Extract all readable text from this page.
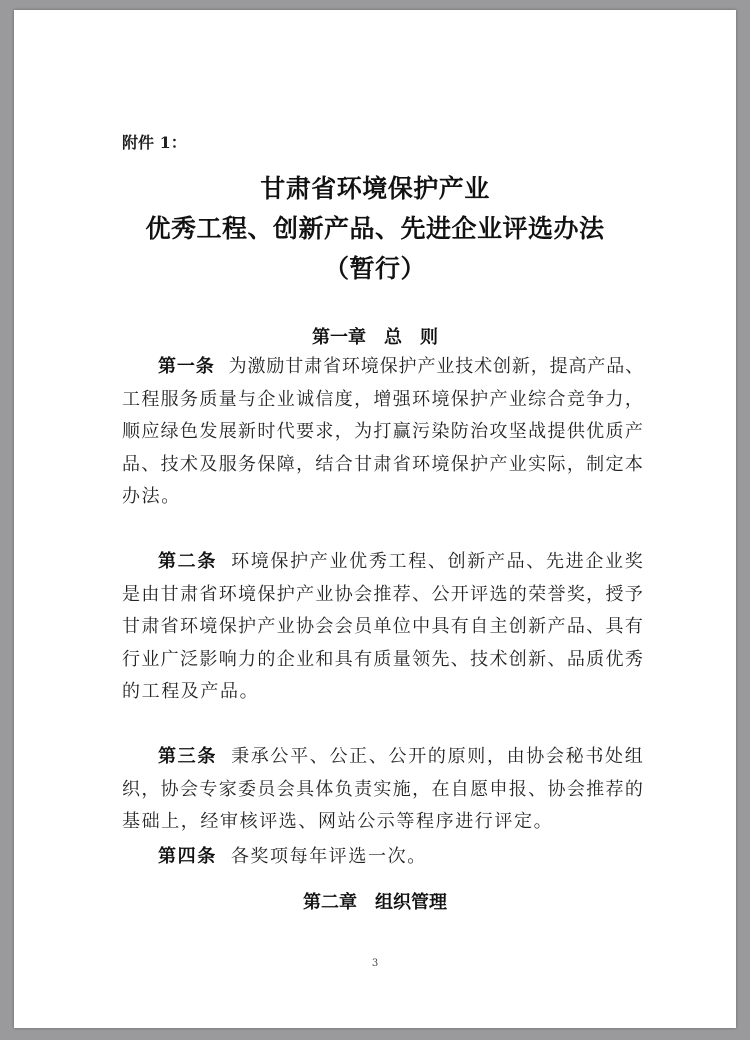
附件 1：
甘肃省环境保护产业
优秀工程、创新产品、先进企业评选办法
（暂行）
第一章　总　则
第一条 为激励甘肃省环境保护产业技术创新，提高产品、
工程服务质量与企业诚信度，增强环境保护产业综合竞争力，
顺应绿色发展新时代要求，为打赢污染防治攻坚战提供优质产
品、技术及服务保障，结合甘肃省环境保护产业实际，制定本
办法。
第二条 环境保护产业优秀工程、创新产品、先进企业奖
是由甘肃省环境保护产业协会推荐、公开评选的荣誉奖，授予
甘肃省环境保护产业协会会员单位中具有自主创新产品、具有
行业广泛影响力的企业和具有质量领先、技术创新、品质优秀
的工程及产品。
第三条 秉承公平、公正、公开的原则，由协会秘书处组
织，协会专家委员会具体负责实施，在自愿申报、协会推荐的
基础上，经审核评选、网站公示等程序进行评定。
第四条 各奖项每年评选一次。
第二章　组织管理
3
